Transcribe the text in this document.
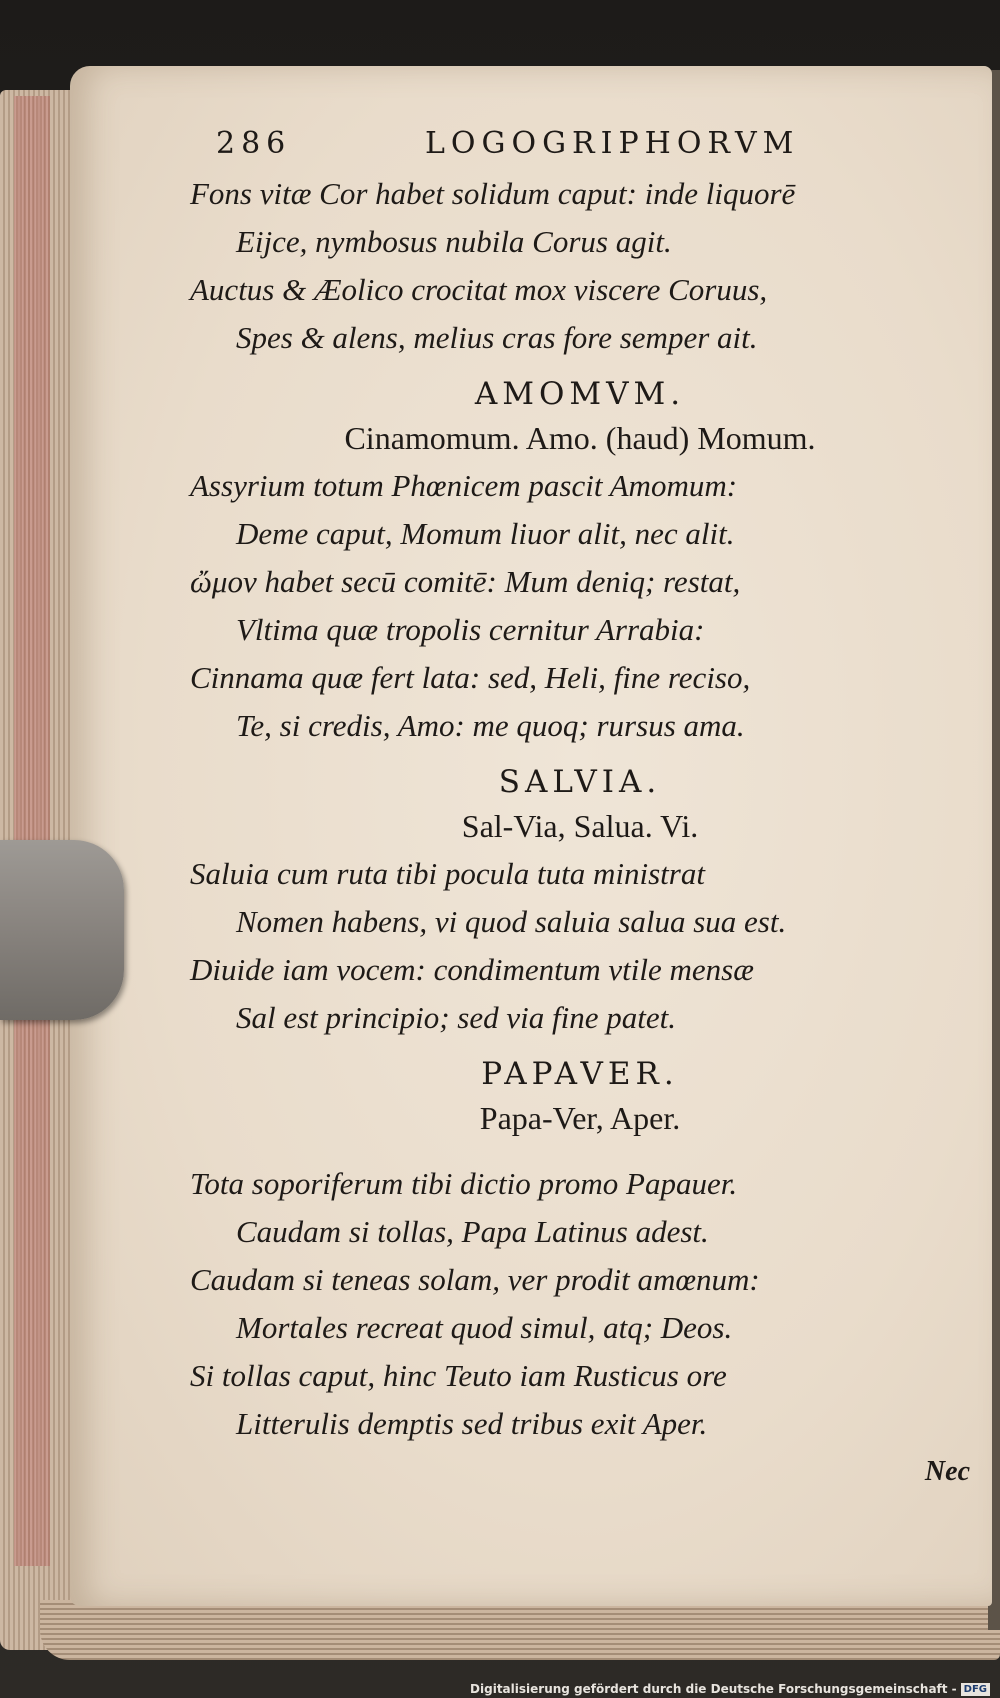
286	LOGOGRIPHORVM
Fons vitæ Cor habet solidum caput: inde liquorē
Eijce, nymbosus nubila Corus agit.
Auctus & Æolico crocitat mox viscere Coruus,
Spes & alens, melius cras fore semper ait.
AMOMVM.
Cinamomum. Amo. (haud) Momum.
Assyrium totum Phœnicem pascit Amomum:
Deme caput, Momum liuor alit, nec alit.
ὤμον habet secū comitē: Mum deniq; restat,
Vltima quæ tropolis cernitur Arrabia:
Cinnama quæ fert lata: sed, Heli, fine reciso,
Te, si credis, Amo: me quoq; rursus ama.
SALVIA.
Sal-Via, Salua. Vi.
Saluia cum ruta tibi pocula tuta ministrat
Nomen habens, vi quod saluia salua sua est.
Diuide iam vocem: condimentum vtile mensæ
Sal est principio; sed via fine patet.
PAPAVER.
Papa-Ver, Aper.
Tota soporiferum tibi dictio promo Papauer.
Caudam si tollas, Papa Latinus adest.
Caudam si teneas solam, ver prodit amœnum:
Mortales recreat quod simul, atq; Deos.
Si tollas caput, hinc Teuto iam Rusticus ore
Litterulis demptis sed tribus exit Aper.
Nec
Digitalisierung gefördert durch die Deutsche Forschungsgemeinschaft - DFG
